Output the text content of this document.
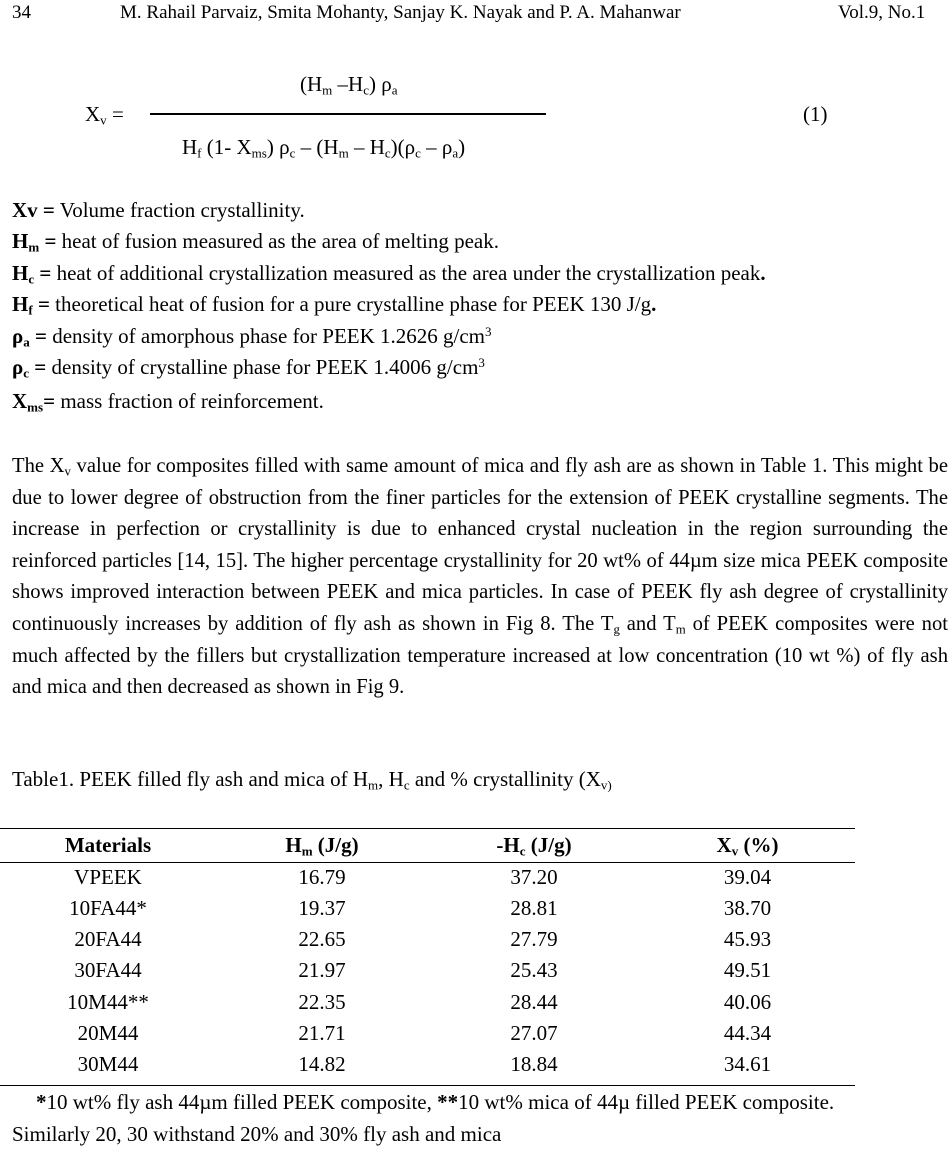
34	M. Rahail Parvaiz, Smita Mohanty, Sanjay K. Nayak and P. A. Mahanwar	Vol.9, No.1
($H_m$ $-H_c$) $\rho_a$
$X_v$ =
$H_f$ (1- $X_{ms}$) $\rho_c - (H_m - H_c)(\rho_c - \rho_a)$
(1)
Xv = Volume fraction crystallinity.
$H_m$ = heat of fusion measured as the area of melting peak.
$H_c$ = heat of additional crystallization measured as the area under the crystallization peak.
$H_f$ = theoretical heat of fusion for a pure crystalline phase for PEEK 130 J/g.
$\rho_a$ = density of amorphous phase for PEEK 1.2626 $g/cm^3$
$\rho_c$ = density of crystalline phase for PEEK 1.4006 $g/cm^3$
$X_{ms}=$ mass fraction of reinforcement.
The $X_v$ value for composites filled with same amount of mica and fly ash are as shown in Table 1. This might be due to lower degree of obstruction from the finer particles for the extension of PEEK crystalline segments. The increase in perfection or crystallinity is due to enhanced crystal nucleation in the region surrounding the reinforced particles [14, 15]. The higher percentage crystallinity for 20 wt% of 44µm size mica PEEK composite shows improved interaction between PEEK and mica particles. In case of PEEK fly ash degree of crystallinity continuously increases by addition of fly ash as shown in Fig 8. The $T_g$ and $T_m$ of PEEK composites were not much affected by the fillers but crystallization temperature increased at low concentration (10 wt %) of fly ash and mica and then decreased as shown in Fig 9.
Table1. PEEK filled fly ash and mica of $H_m$, $H_c$ and % crystallinity ($X_{v)}$
Materials	$H_m$ (J/g)	$-H_c$ (J/g)	$X_v$ (%)
VPEEK	16.79	37.20	39.04
10FA44*	19.37	28.81	38.70
20FA44	22.65	27.79	45.93
30FA44	21.97	25.43	49.51
10M44**	22.35	28.44	40.06
20M44	21.71	27.07	44.34
30M44	14.82	18.84	34.61
*10 wt% fly ash 44µm filled PEEK composite, **10 wt% mica of 44µ filled PEEK composite. Similarly 20, 30 withstand 20% and 30% fly ash and mica
